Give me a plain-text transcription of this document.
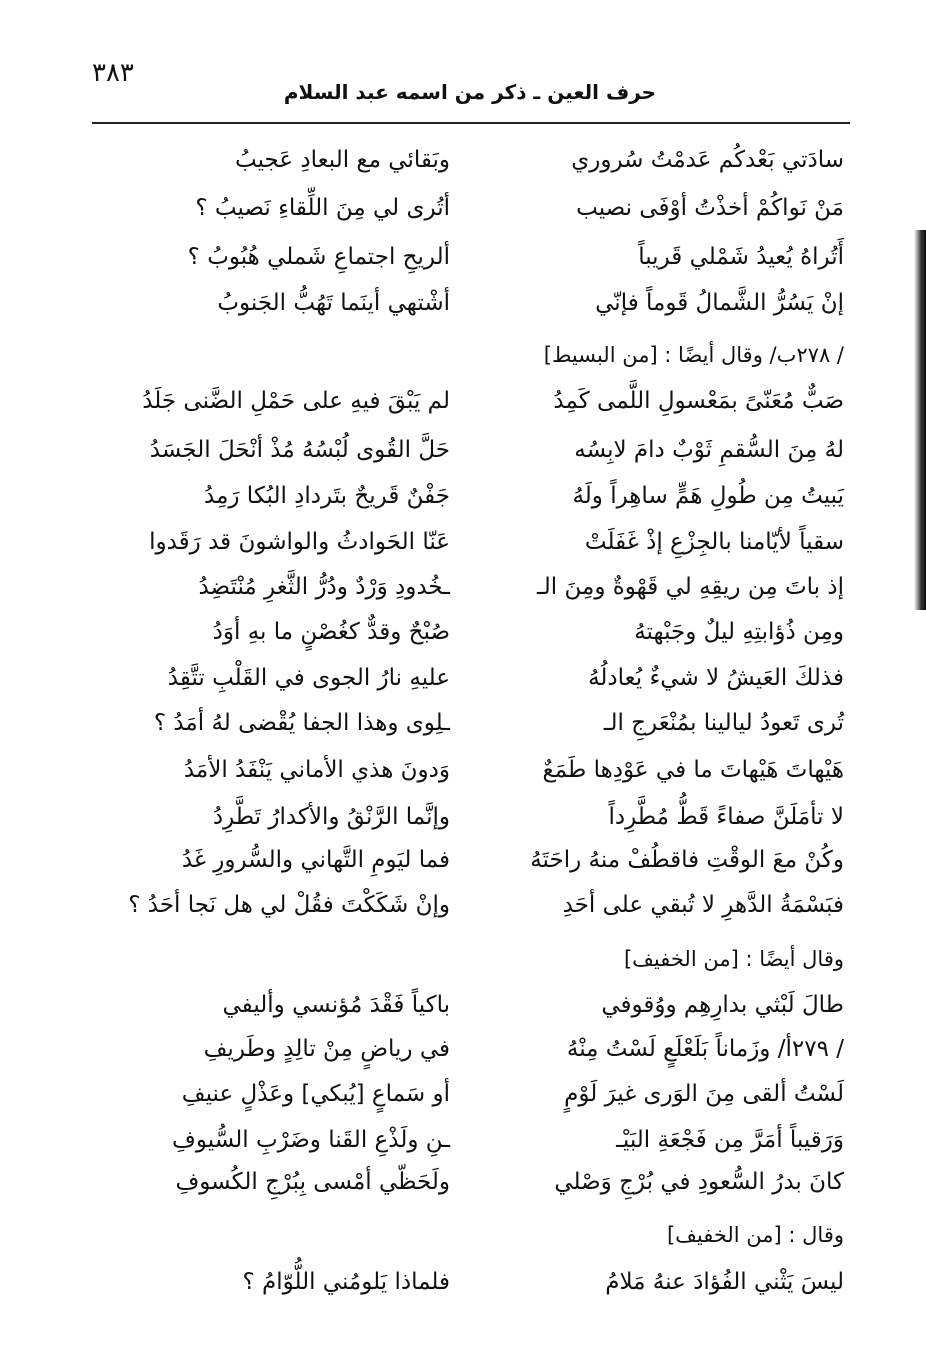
٣٨٣
حرف العين ـ ذكر من اسمه عبد السلام
سادَتي بَعْدكُم عَدمْتُ سُروري
وبَقائي مع البعادِ عَجيبُ
مَنْ نَواكُمْ أخذْتُ أوْفَى نصيب
أتُرى لي مِنَ اللِّقاءِ نَصيبُ ؟
أَتُراهُ يُعيدُ شَمْلي قَريباً
ألريحِ اجتماعِ شَملي هُبُوبُ ؟
إنْ يَسُرُّ الشَّمالُ قَوماً فإنّي
أشْتهي أينَما تَهُبُّ الجَنوبُ
/ ٢٧٨ب/ وقال أيضًا : [من البسيط]
صَبٌّ مُعَنّىً بمَعْسولِ اللَّمى كَمِدُ
لم يَبْقَ فيهِ على حَمْلِ الضَّنى جَلَدُ
لهُ مِنَ السُّقمِ ثَوْبٌ دامَ لابِسُه
حَلَّ القُوى لُبْسُهُ مُذْ أنْحَلَ الجَسَدُ
يَبيتُ مِن طُولِ هَمٍّ ساهِراً ولَهُ
جَفْنٌ قَريحٌ بتَردادِ البُكا رَمِدُ
سقياً لأيّامنا بالجِزْعِ إذْ غَفَلَتْ
عَنّا الحَوادثُ والواشونَ قد رَقَدوا
إذ باتَ مِن ريقِهِ لي قَهْوةٌ ومِنَ الـ
ـخُدودِ وَرْدٌ ودُرُّ الثَّغرِ مُنْتَضِدُ
ومِن ذُؤابتِهِ ليلٌ وجَبْهتهُ
صُبْحٌ وقدٌّ كغُصْنٍ ما بهِ أوَدُ
فذلكَ العَيشُ لا شيءٌ يُعادلُهُ
عليهِ نارُ الجوى في القَلْبِ تتَّقِدُ
تُرى تَعودُ ليالينا بمُنْعَرجِ الـ
ـلِوى وهذا الجفا يُقْضى لهُ أمَدُ ؟
هَيْهاتَ هَيْهاتَ ما في عَوْدِها طَمَعٌ
وَدونَ هذي الأماني يَنْفَدُ الأمَدُ
لا تأمَلَنَّ صفاءً قَطُّ مُطَّرِداً
وإنَّما الرَّنْقُ والأكدارُ تَطَّرِدُ
وكُنْ معَ الوقْتِ فاقطُفْ منهُ راحَتَهُ
فما ليَومِ التَّهاني والسُّرورِ غَدُ
فبَسْمَةُ الدَّهرِ لا تُبقي على أحَدِ
وإنْ شَكَكْتَ فقُلْ لي هل نَجا أحَدُ ؟
وقال أيضًا : [من الخفيف]
طالَ لَبْثي بدارِهِم ووُقوفي
باكياً فَقْدَ مُؤنسي وأليفي
/ ٢٧٩أ/ وزَماناً بَلَعْلَعٍ لَسْتُ مِنْهُ
في رياضٍ مِنْ تالِدٍ وطَريفِ
لَسْتُ ألقى مِنَ الوَرى غيرَ لَوْمٍ
أو سَماعٍ [يُبكي] وعَذْلٍ عنيفِ
وَرَقيباً أمَرَّ مِن فَجْعَةِ البَيْـ
ـنِ ولَذْعِ القَنا وضَرْبِ السُّيوفِ
كانَ بدرُ السُّعودِ في بُرْجِ وَصْلي
ولَحَظّي أمْسى بِبُرْجِ الكُسوفِ
وقال : [من الخفيف]
ليسَ يَثْني الفُؤادَ عنهُ مَلامُ
فلماذا يَلومُني اللُّوّامُ ؟
